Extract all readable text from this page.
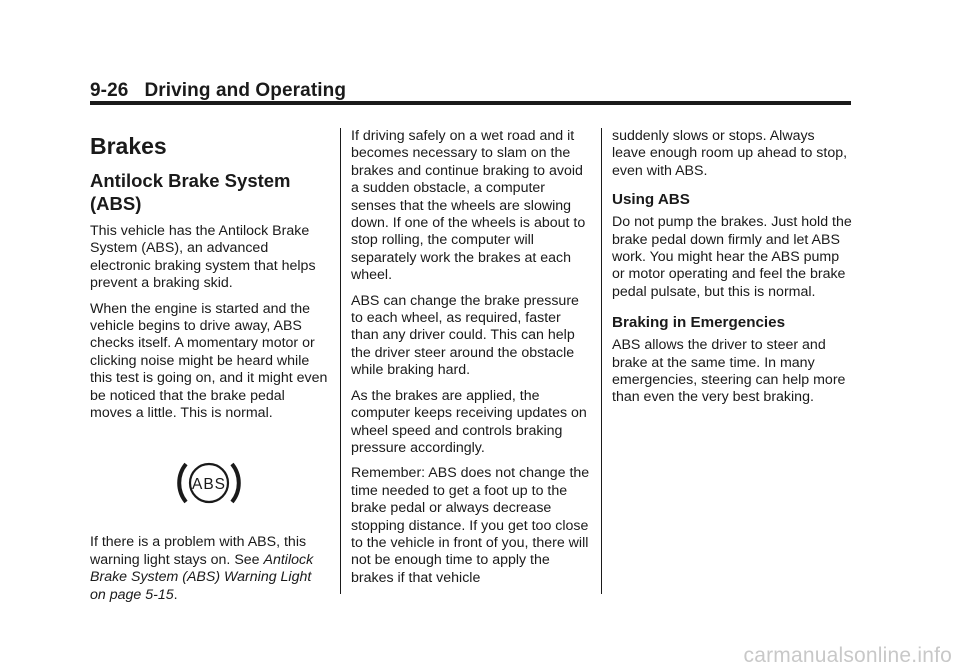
9-26 Driving and Operating
Brakes
Antilock Brake System (ABS)

This vehicle has the Antilock Brake System (ABS), an advanced electronic braking system that helps prevent a braking skid.

When the engine is started and the vehicle begins to drive away, ABS checks itself. A momentary motor or clicking noise might be heard while this test is going on, and it might even be noticed that the brake pedal moves a little. This is normal.

ABS

If there is a problem with ABS, this warning light stays on. See Antilock Brake System (ABS) Warning Light on page 5-15.

If driving safely on a wet road and it becomes necessary to slam on the brakes and continue braking to avoid a sudden obstacle, a computer senses that the wheels are slowing down. If one of the wheels is about to stop rolling, the computer will separately work the brakes at each wheel.

ABS can change the brake pressure to each wheel, as required, faster than any driver could. This can help the driver steer around the obstacle while braking hard.

As the brakes are applied, the computer keeps receiving updates on wheel speed and controls braking pressure accordingly.

Remember: ABS does not change the time needed to get a foot up to the brake pedal or always decrease stopping distance. If you get too close to the vehicle in front of you, there will not be enough time to apply the brakes if that vehicle

suddenly slows or stops. Always leave enough room up ahead to stop, even with ABS.

Using ABS

Do not pump the brakes. Just hold the brake pedal down firmly and let ABS work. You might hear the ABS pump or motor operating and feel the brake pedal pulsate, but this is normal.

Braking in Emergencies

ABS allows the driver to steer and brake at the same time. In many emergencies, steering can help more than even the very best braking.

carmanualsonline.info
